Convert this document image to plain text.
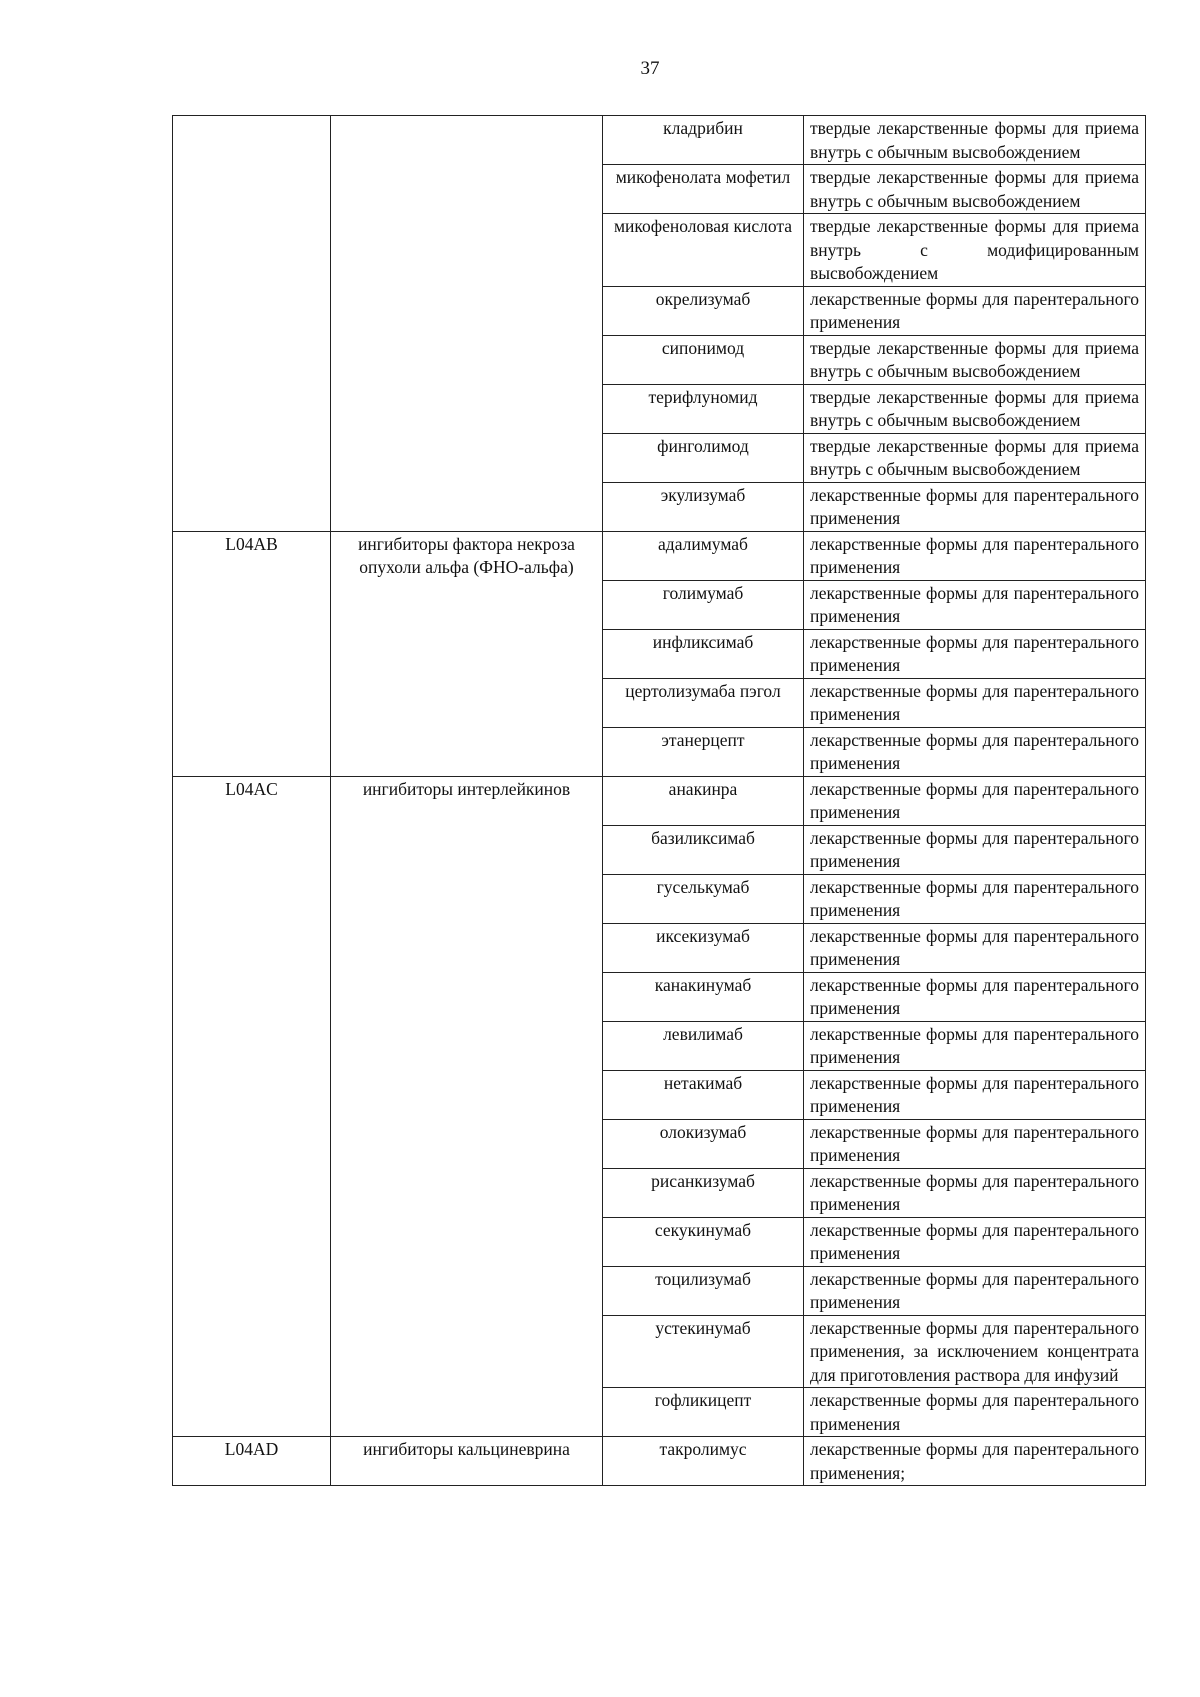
37
		кладрибин	твердые лекарственные формы для приема внутрь с обычным высвобождением
		микофенолата мофетил	твердые лекарственные формы для приема внутрь с обычным высвобождением
		микофеноловая кислота	твердые лекарственные формы для приема внутрь с модифицированным высвобождением
		окрелизумаб	лекарственные формы для парентерального применения
		сипонимод	твердые лекарственные формы для приема внутрь с обычным высвобождением
		терифлуномид	твердые лекарственные формы для приема внутрь с обычным высвобождением
		финголимод	твердые лекарственные формы для приема внутрь с обычным высвобождением
		экулизумаб	лекарственные формы для парентерального применения
L04AB	ингибиторы фактора некроза опухоли альфа (ФНО-альфа)	адалимумаб	лекарственные формы для парентерального применения
		голимумаб	лекарственные формы для парентерального применения
		инфликсимаб	лекарственные формы для парентерального применения
		цертолизумаба пэгол	лекарственные формы для парентерального применения
		этанерцепт	лекарственные формы для парентерального применения
L04AC	ингибиторы интерлейкинов	анакинра	лекарственные формы для парентерального применения
		базиликсимаб	лекарственные формы для парентерального применения
		гуселькумаб	лекарственные формы для парентерального применения
		иксекизумаб	лекарственные формы для парентерального применения
		канакинумаб	лекарственные формы для парентерального применения
		левилимаб	лекарственные формы для парентерального применения
		нетакимаб	лекарственные формы для парентерального применения
		олокизумаб	лекарственные формы для парентерального применения
		рисанкизумаб	лекарственные формы для парентерального применения
		секукинумаб	лекарственные формы для парентерального применения
		тоцилизумаб	лекарственные формы для парентерального применения
		устекинумаб	лекарственные формы для парентерального применения, за исключением концентрата для приготовления раствора для инфузий
		гофликицепт	лекарственные формы для парентерального применения
L04AD	ингибиторы кальциневрина	такролимус	лекарственные формы для парентерального применения;
